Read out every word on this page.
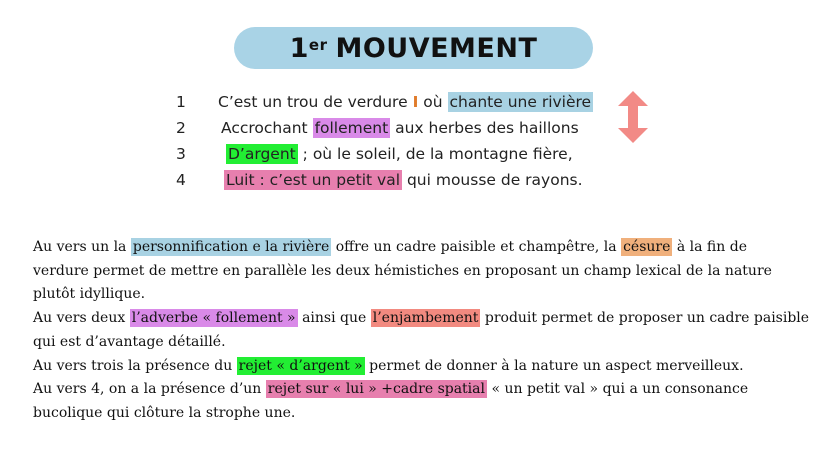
1er MOUVEMENT
1	C’est un trou de verdure I où chante une rivière
2	Accrochant follement aux herbes des haillons
3	D’argent ; où le soleil, de la montagne fière,
4	Luit : c’est un petit val qui mousse de rayons.

Au vers un la personnification e la rivière offre un cadre paisible et champêtre, la césure à la fin de

verdure permet de mettre en parallèle les deux hémistiches en proposant un champ lexical de la nature

plutôt idyllique.

Au vers deux l’adverbe « follement » ainsi que l’enjambement produit permet de proposer un cadre paisible

qui est d’avantage détaillé.

Au vers trois la présence du rejet « d’argent » permet de donner à la nature un aspect merveilleux.

Au vers 4, on a la présence d’un rejet sur « lui » +cadre spatial « un petit val » qui a un consonance

bucolique qui clôture la strophe une.
